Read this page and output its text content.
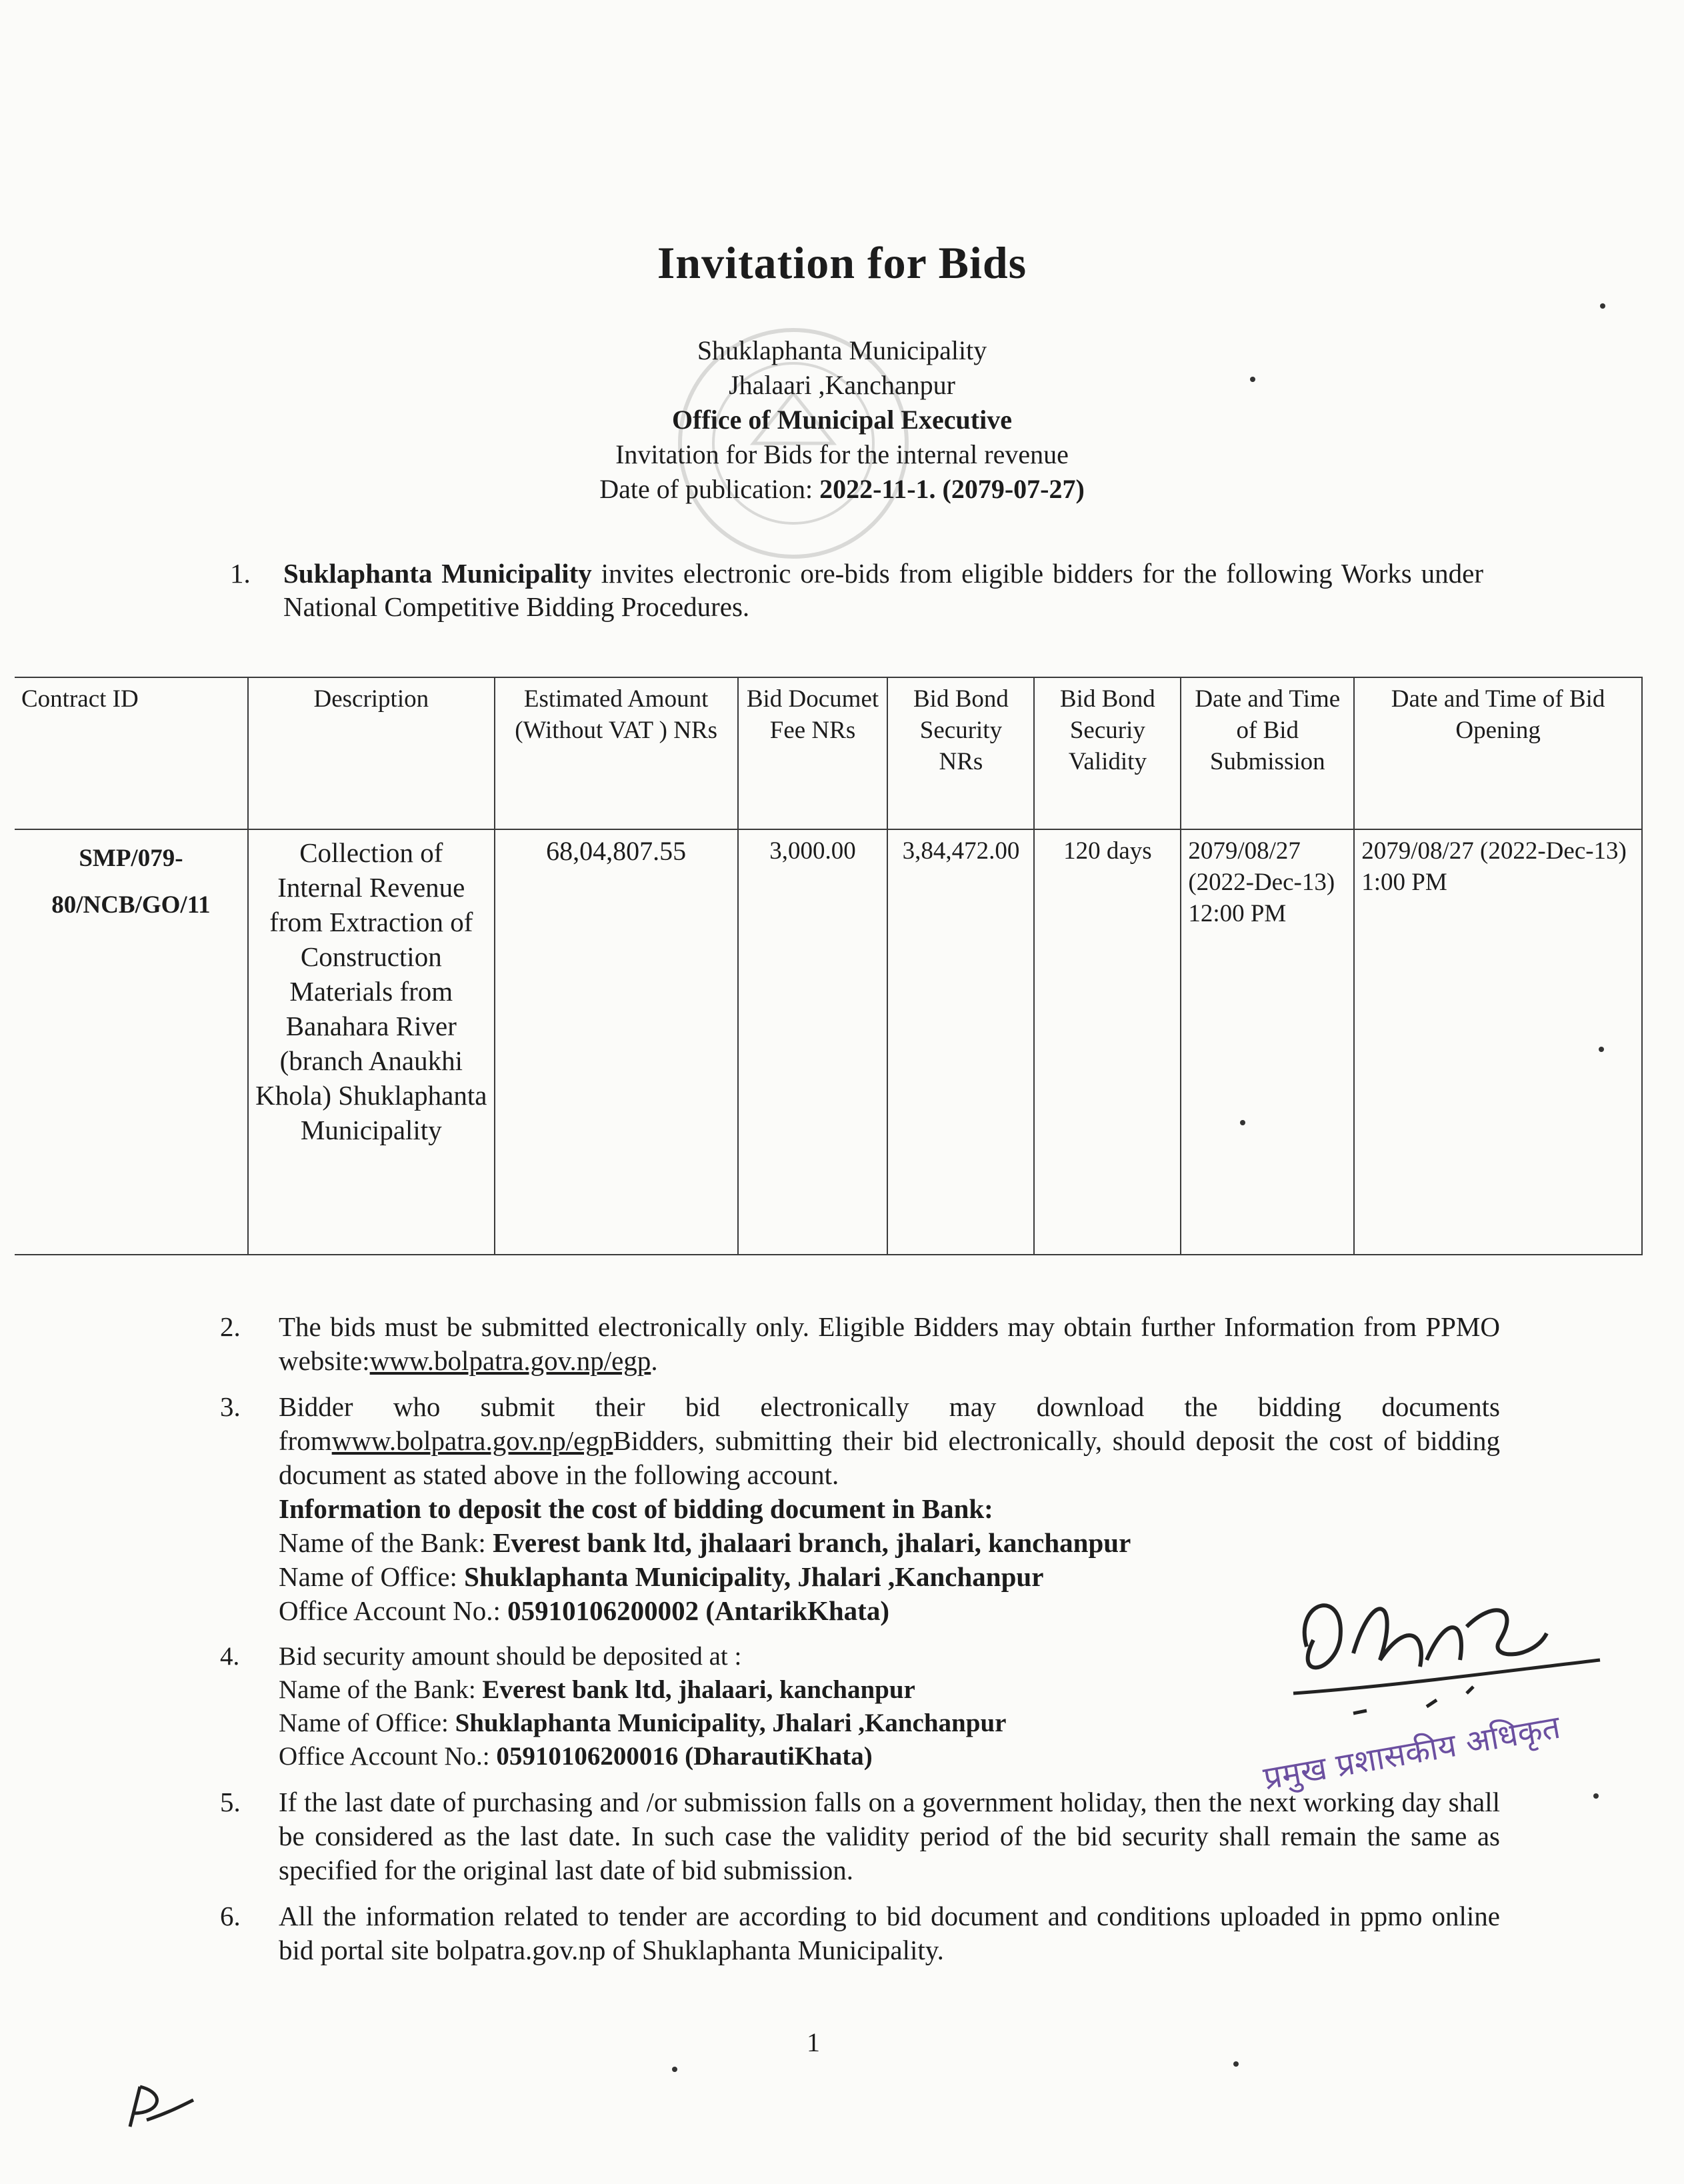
Invitation for Bids
Shuklaphanta Municipality
Jhalaari ,Kanchanpur
Office of Municipal Executive
Invitation for Bids for the internal revenue
Date of publication: 2022-11-1. (2079-07-27)
1. Suklaphanta Municipality invites electronic ore-bids from eligible bidders for the following Works under National Competitive Bidding Procedures.
Contract ID	Description	Estimated Amount (Without VAT ) NRs	Bid Documet Fee NRs	Bid Bond Security NRs	Bid Bond Securiy Validity	Date and Time of Bid Submission	Date and Time of Bid Opening
SMP/079-80/NCB/GO/11	Collection of Internal Revenue from Extraction of Construction Materials from Banahara River (branch Anaukhi Khola) Shuklaphanta Municipality	68,04,807.55	3,000.00	3,84,472.00	120 days	2079/08/27 (2022-Dec-13) 12:00 PM	2079/08/27 (2022-Dec-13) 1:00 PM
2. The bids must be submitted electronically only. Eligible Bidders may obtain further Information from PPMO website:www.bolpatra.gov.np/egp.

3. Bidder who submit their bid electronically may download the bidding documents fromwww.bolpatra.gov.np/egpBidders, submitting their bid electronically, should deposit the cost of bidding document as stated above in the following account.

Information to deposit the cost of bidding document in Bank:
Name of the Bank: Everest bank ltd, jhalaari branch, jhalari, kanchanpur
Name of Office: Shuklaphanta Municipality, Jhalari ,Kanchanpur
Office Account No.: 05910106200002 (AntarikKhata)
4. Bid security amount should be deposited at :

Name of the Bank: Everest bank ltd, jhalaari, kanchanpur
Name of Office: Shuklaphanta Municipality, Jhalari ,Kanchanpur
Office Account No.: 05910106200016 (DharautiKhata)
5. If the last date of purchasing and /or submission falls on a government holiday, then the next working day shall be considered as the last date. In such case the validity period of the bid security shall remain the same as specified for the original last date of bid submission.

6. All the information related to tender are according to bid document and conditions uploaded in ppmo online bid portal site bolpatra.gov.np of Shuklaphanta Municipality.

प्रमुख प्रशासकीय अधिकृत
1
